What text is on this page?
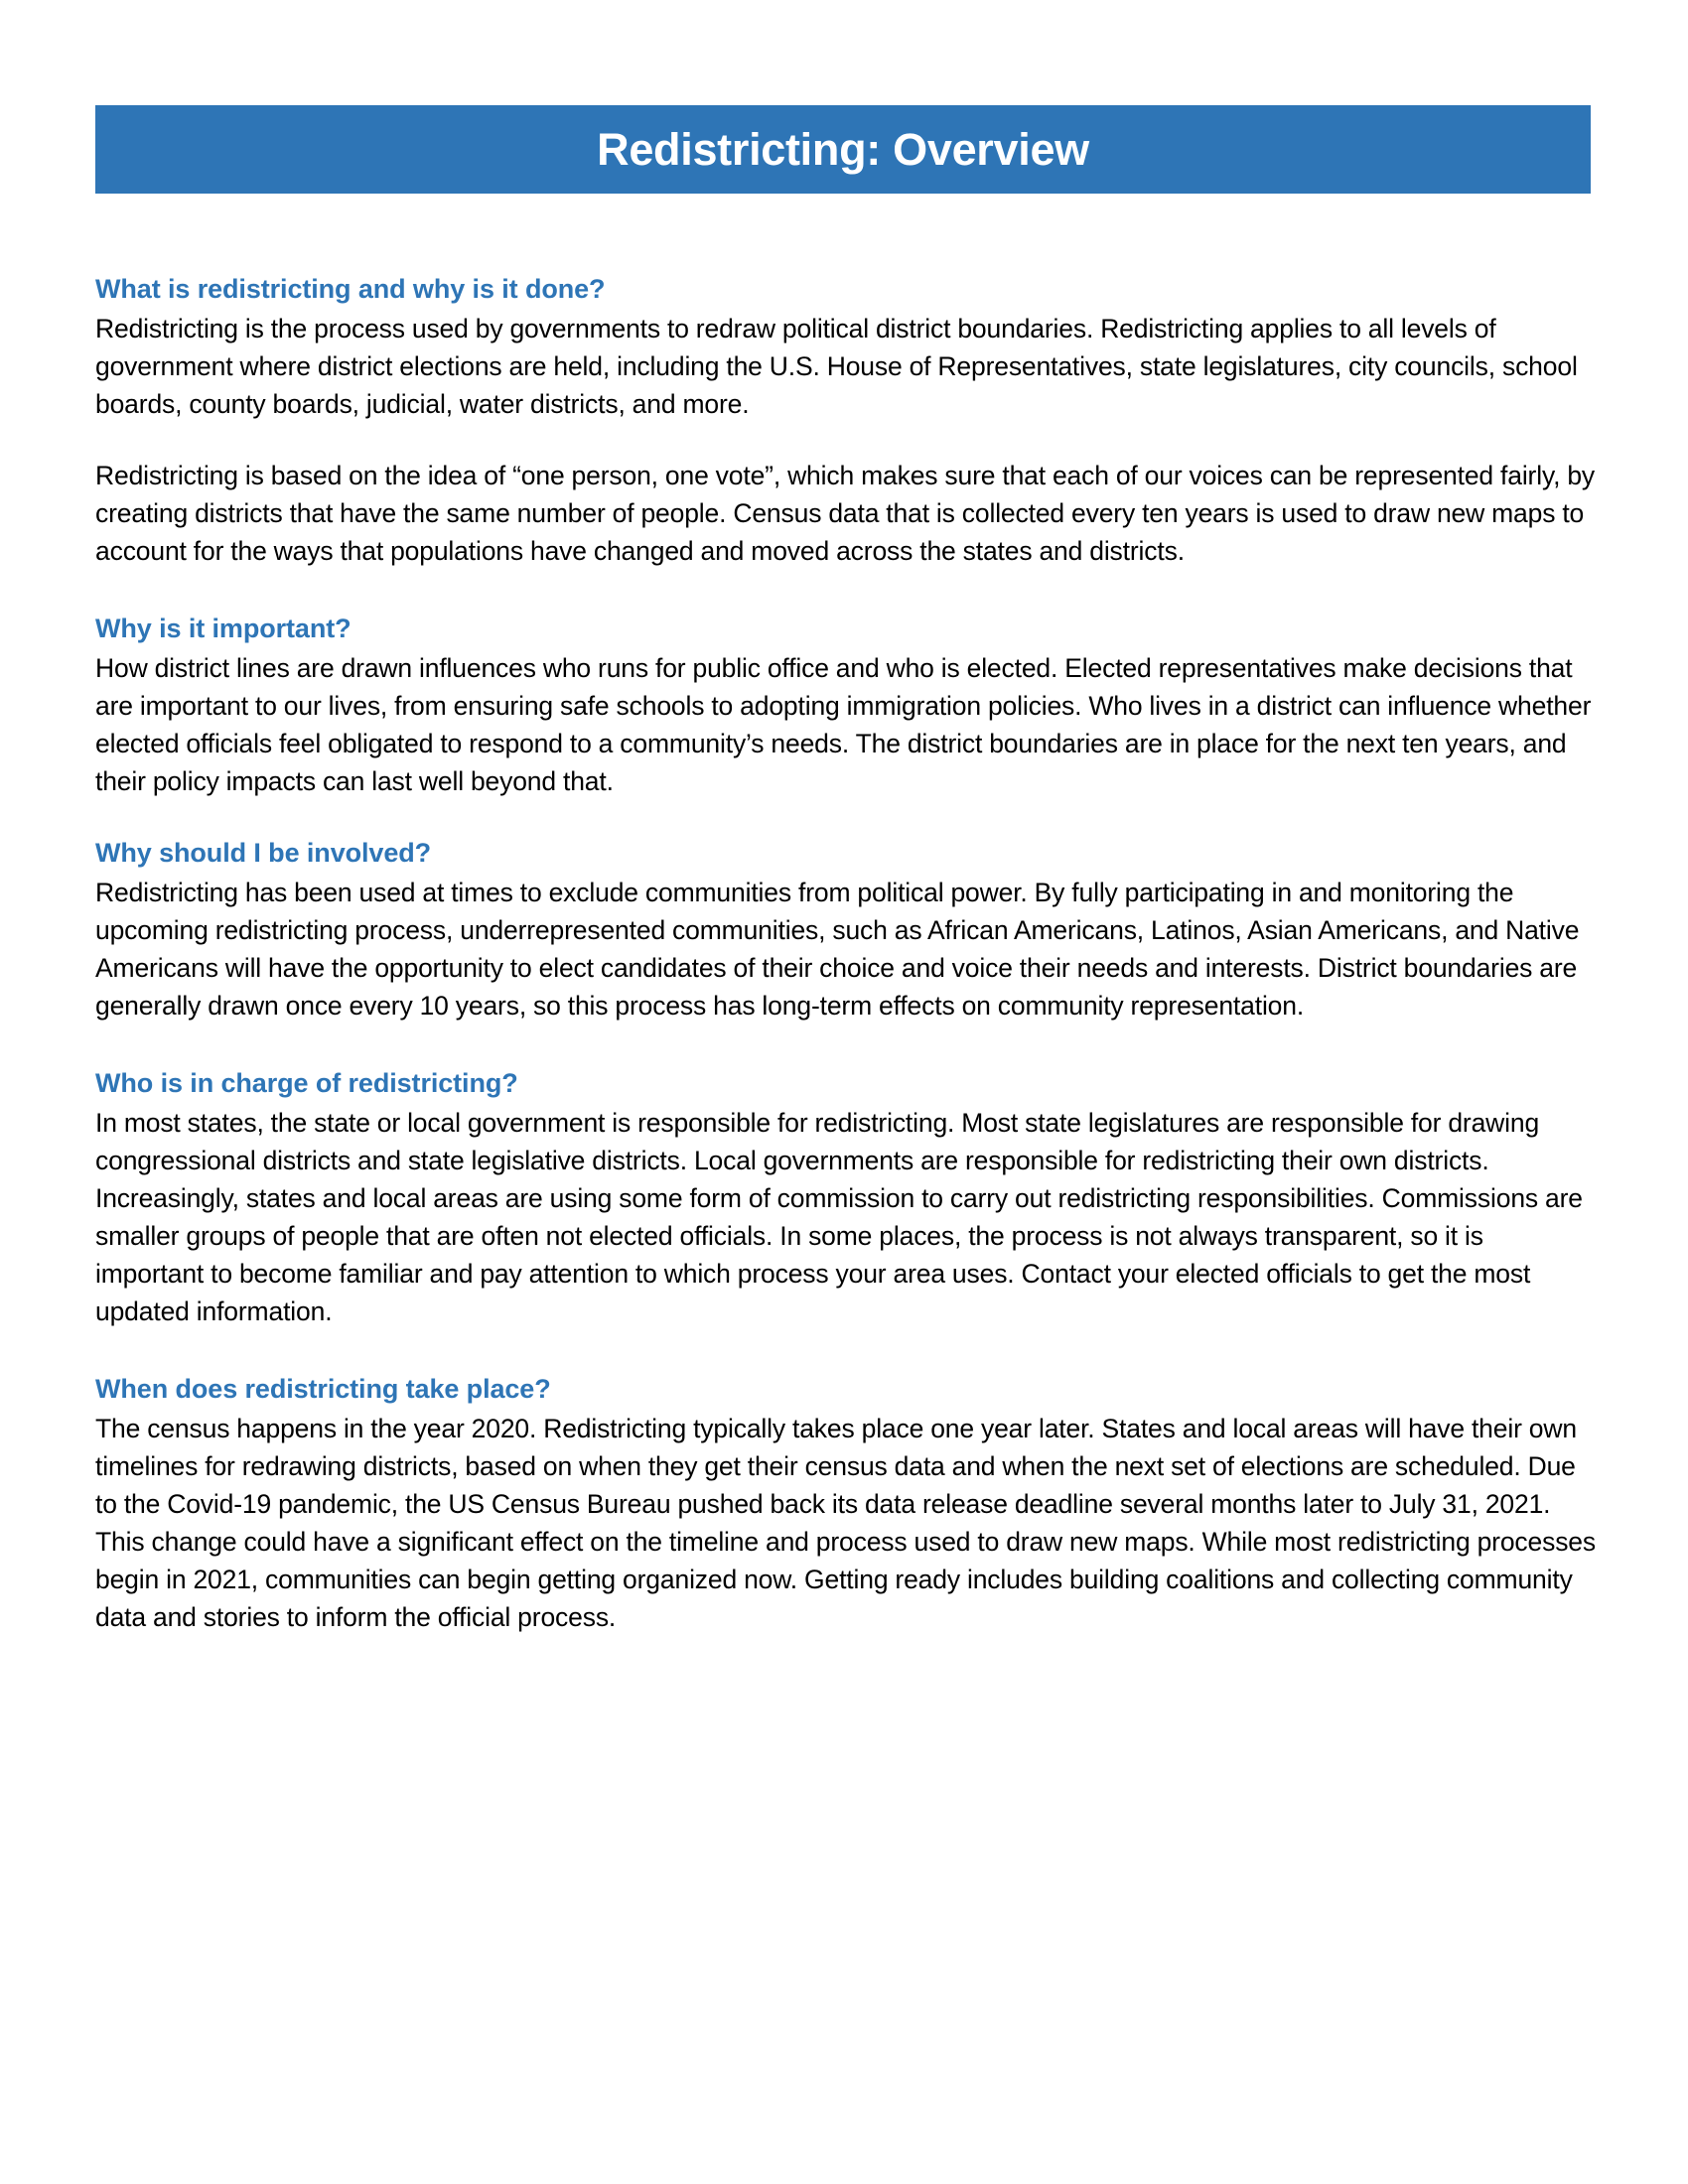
Redistricting: Overview
What is redistricting and why is it done?

Redistricting is the process used by governments to redraw political district boundaries. Redistricting applies to all levels of government where district elections are held, including the U.S. House of Representatives, state legislatures, city councils, school boards, county boards, judicial, water districts, and more.

Redistricting is based on the idea of “one person, one vote”, which makes sure that each of our voices can be represented fairly, by creating districts that have the same number of people. Census data that is collected every ten years is used to draw new maps to account for the ways that populations have changed and moved across the states and districts.

Why is it important?

How district lines are drawn influences who runs for public office and who is elected. Elected representatives make decisions that are important to our lives, from ensuring safe schools to adopting immigration policies. Who lives in a district can influence whether elected officials feel obligated to respond to a community’s needs. The district boundaries are in place for the next ten years, and their policy impacts can last well beyond that.

Why should I be involved?

Redistricting has been used at times to exclude communities from political power. By fully participating in and monitoring the upcoming redistricting process, underrepresented communities, such as African Americans, Latinos, Asian Americans, and Native Americans will have the opportunity to elect candidates of their choice and voice their needs and interests. District boundaries are generally drawn once every 10 years, so this process has long-term effects on community representation.

Who is in charge of redistricting?

In most states, the state or local government is responsible for redistricting. Most state legislatures are responsible for drawing congressional districts and state legislative districts. Local governments are responsible for redistricting their own districts. Increasingly, states and local areas are using some form of commission to carry out redistricting responsibilities. Commissions are smaller groups of people that are often not elected officials. In some places, the process is not always transparent, so it is important to become familiar and pay attention to which process your area uses. Contact your elected officials to get the most updated information.

When does redistricting take place?

The census happens in the year 2020. Redistricting typically takes place one year later. States and local areas will have their own timelines for redrawing districts, based on when they get their census data and when the next set of elections are scheduled. Due to the Covid-19 pandemic, the US Census Bureau pushed back its data release deadline several months later to July 31, 2021. This change could have a significant effect on the timeline and process used to draw new maps. While most redistricting processes begin in 2021, communities can begin getting organized now. Getting ready includes building coalitions and collecting community data and stories to inform the official process.
